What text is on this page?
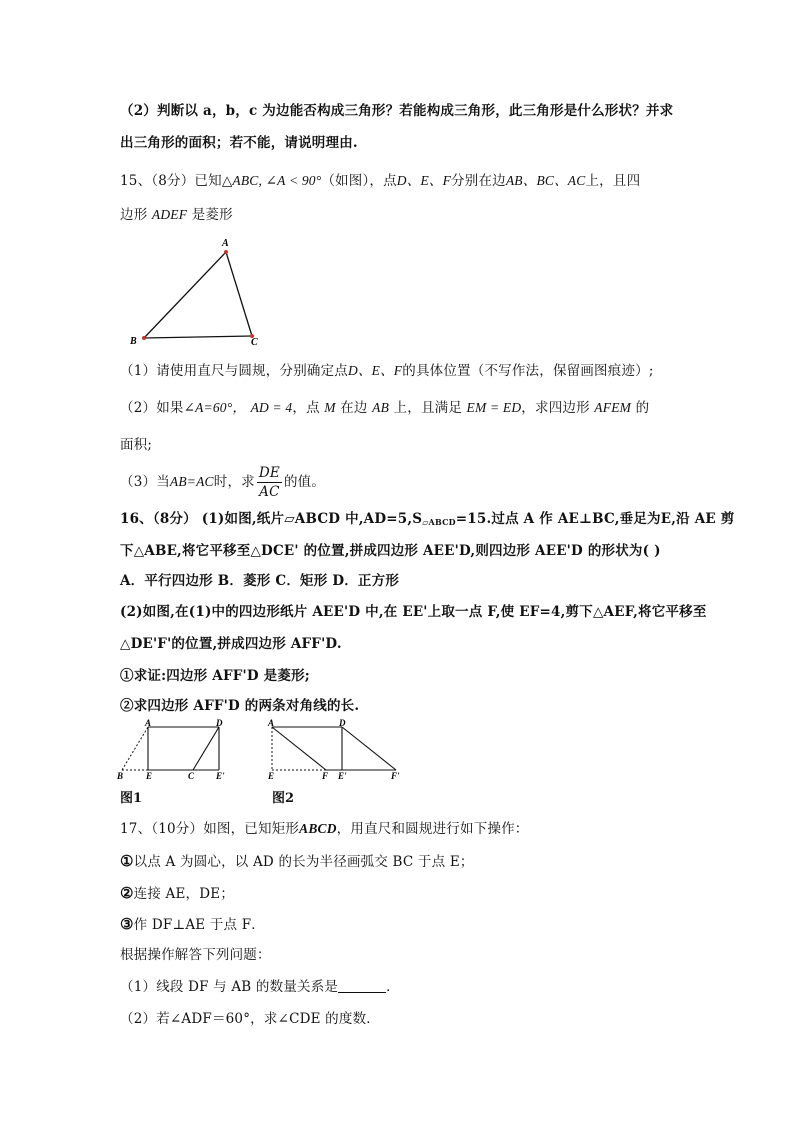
（2）判断以 a，b，c 为边能否构成三角形？若能构成三角形，此三角形是什么形状？并求
出三角形的面积；若不能，请说明理由.
15、（8分）已知△ABC, ∠A < 90°（如图），点D、E、F分别在边AB、BC、AC上，且四
边形 ADEF 是菱形
A
B	C
（1）请使用直尺与圆规，分别确定点D、E、F的具体位置（不写作法，保留画图痕迹）;
（2）如果∠A=60°， AD = 4，点 M 在边 AB 上，且满足 EM = ED，求四边形 AFEM 的
面积;
（3）当AB=AC时，求 $\frac{DE}{AC}$ 的值。
16、（8分） (1)如图,纸片▱ABCD 中$,AD=5,S_{▱ABCD}=15$.过点 A 作 AE⊥BC,垂足为E,沿 AE 剪
下△ABE,将它平移至△DCE' 的位置,拼成四边形 AEE'D,则四边形 AEE'D 的形状为( )
A．平行四边形 B．菱形 C．矩形 D．正方形
(2)如图,在(1)中的四边形纸片 AEE'D 中,在 EE'上取一点 F,使 EF=4,剪下△AEF,将它平移至
△DE'F'的位置,拼成四边形 AFF'D.
①求证:四边形 AFF'D 是菱形;
②求四边形 AFF'D 的两条对角线的长.
A	D
B	E	C E'
图1
A	D
E	F E'	F'
图2
17、（10分）如图，已知矩形ABCD，用直尺和圆规进行如下操作：
①以点 A 为圆心，以 AD 的长为半径画弧交 BC 于点 E；
②连接 AE，DE；
③作 DF⊥AE 于点 F．
根据操作解答下列问题：
（1）线段 DF 与 AB 的数量关系是	．
（2）若∠ADF＝60°，求∠CDE 的度数．
